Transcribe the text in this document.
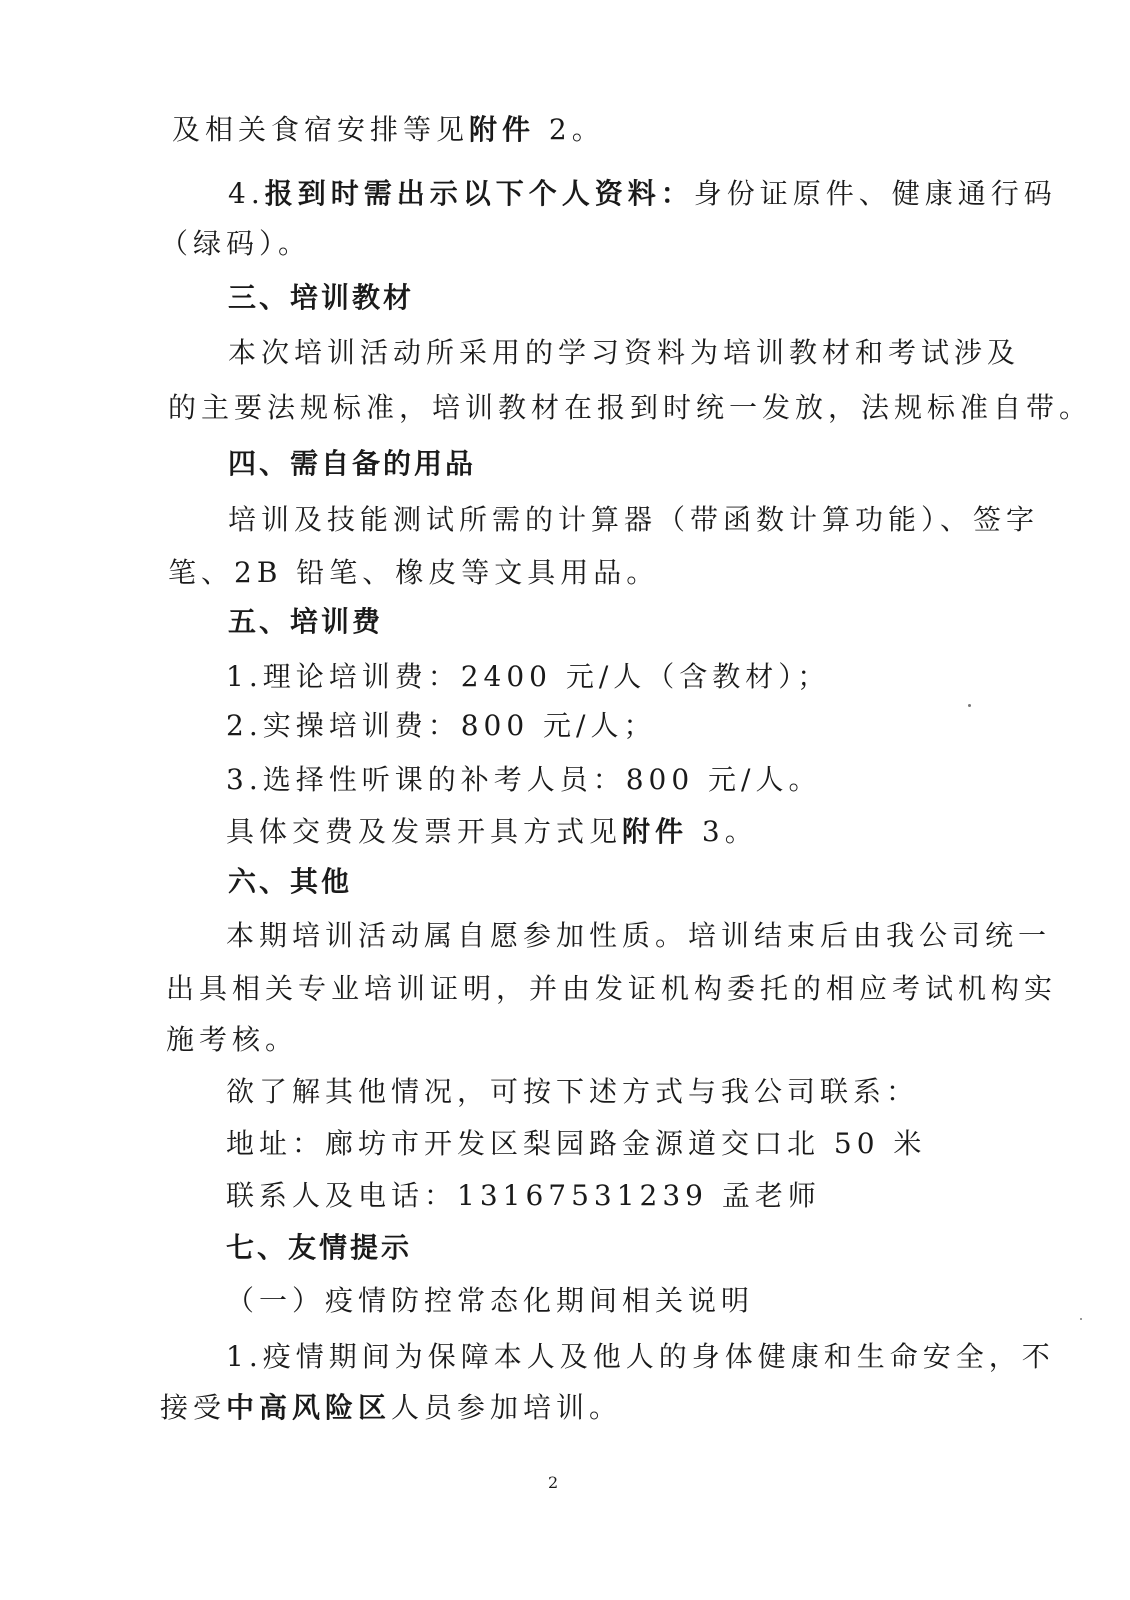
及相关食宿安排等见附件 2。

4.报到时需出示以下个人资料：身份证原件、健康通行码

（绿码）。

三、培训教材

本次培训活动所采用的学习资料为培训教材和考试涉及

的主要法规标准，培训教材在报到时统一发放，法规标准自带。

四、需自备的用品

培训及技能测试所需的计算器（带函数计算功能）、签字

笔、2B 铅笔、橡皮等文具用品。

五、培训费

1.理论培训费：2400 元/人（含教材）；

2.实操培训费：800 元/人；

3.选择性听课的补考人员：800 元/人。

具体交费及发票开具方式见附件 3。

六、其他

本期培训活动属自愿参加性质。培训结束后由我公司统一

出具相关专业培训证明，并由发证机构委托的相应考试机构实

施考核。

欲了解其他情况，可按下述方式与我公司联系：

地址：廊坊市开发区梨园路金源道交口北 50 米

联系人及电话：13167531239 孟老师

七、友情提示

（一）疫情防控常态化期间相关说明

1.疫情期间为保障本人及他人的身体健康和生命安全，不

接受中高风险区人员参加培训。

2
